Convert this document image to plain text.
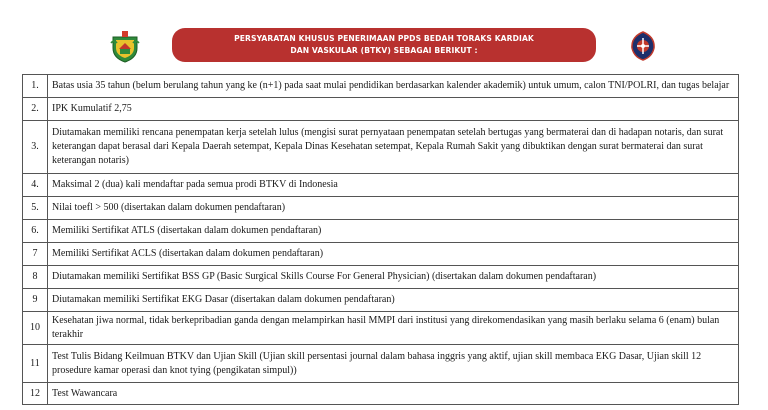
PERSYARATAN KHUSUS PENERIMAAN PPDS BEDAH TORAKS KARDIAK
DAN VASKULAR (BTKV) SEBAGAI BERIKUT :
1.	Batas usia 35 tahun (belum berulang tahun yang ke (n+1) pada saat mulai pendidikan berdasarkan kalender akademik) untuk umum, calon TNI/POLRI, dan tugas belajar
2.	IPK Kumulatif 2,75
3.	Diutamakan memiliki rencana penempatan kerja setelah lulus (mengisi surat pernyataan penempatan setelah bertugas yang bermaterai dan di hadapan notaris, dan surat keterangan dapat berasal dari Kepala Daerah setempat, Kepala Dinas Kesehatan setempat, Kepala Rumah Sakit yang dibuktikan dengan surat bermaterai dan surat keterangan notaris)
4.	Maksimal 2 (dua) kali mendaftar pada semua prodi BTKV di Indonesia
5.	Nilai toefl > 500 (disertakan dalam dokumen pendaftaran)
6.	Memiliki Sertifikat ATLS (disertakan dalam dokumen pendaftaran)
7	Memiliki Sertifikat ACLS (disertakan dalam dokumen pendaftaran)
8	Diutamakan memiliki Sertifikat BSS GP (Basic Surgical Skills Course For General Physician) (disertakan dalam dokumen pendaftaran)
9	Diutamakan memiliki Sertifikat EKG Dasar (disertakan dalam dokumen pendaftaran)
10	Kesehatan jiwa normal, tidak berkepribadian ganda dengan melampirkan hasil MMPI dari institusi yang direkomendasikan yang masih berlaku selama 6 (enam) bulan terakhir
11	Test Tulis Bidang Keilmuan BTKV dan Ujian Skill (Ujian skill persentasi journal dalam bahasa inggris yang aktif, ujian skill membaca EKG Dasar, Ujian skill 12 prosedure kamar operasi dan knot tying (pengikatan simpul))
12	Test Wawancara
